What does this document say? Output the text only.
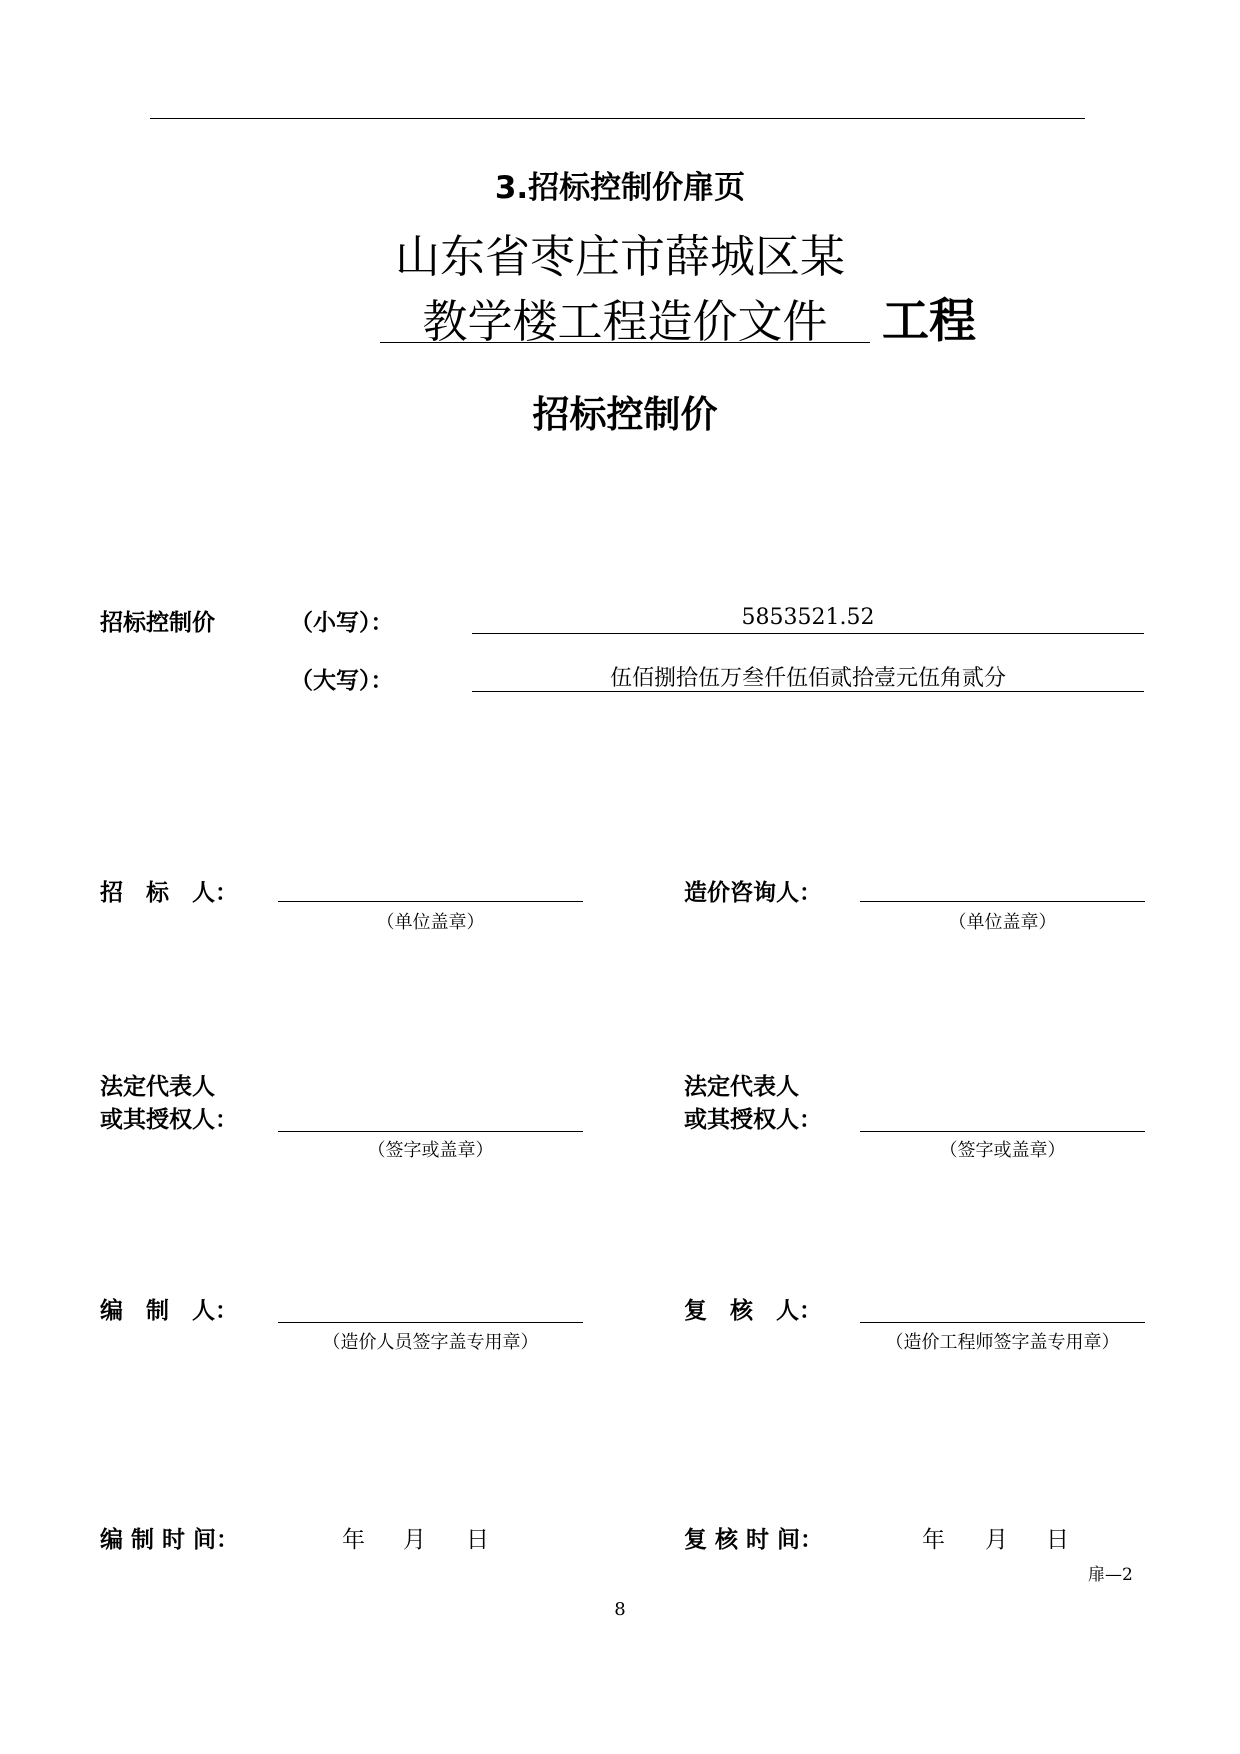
3.招标控制价扉页
山东省枣庄市薛城区某
教学楼工程造价文件	工程
招标控制价
招标控制价	（小写）：	5853521.52
（大写）：	伍佰捌拾伍万叁仟伍佰贰拾壹元伍角贰分
招　标　人：
（单位盖章）
造价咨询人：
（单位盖章）
法定代表人
或其授权人：
（签字或盖章）
法定代表人
或其授权人：
（签字或盖章）
编　制　人：
（造价人员签字盖专用章）
复　核　人：
（造价工程师签字盖专用章）
编 制 时 间：	年 月 日	复 核 时 间：	年 月 日
扉—2
8
